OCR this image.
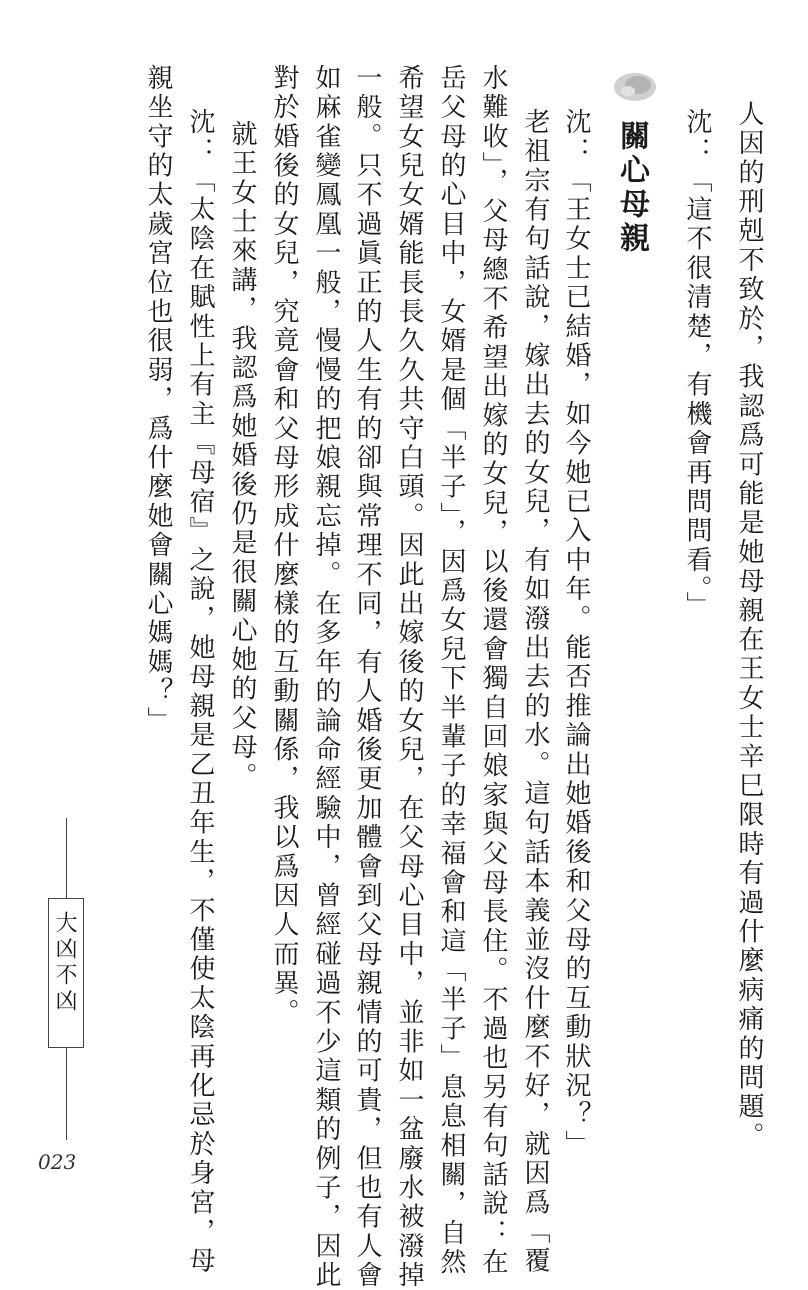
關心母親	人因的刑剋不致於，我認爲可能是她母親在王女士辛巳限時有過什麼病痛的問題。
沈：「這不很清楚，有機會再問問看。」
沈：「王女士已結婚，如今她已入中年。能否推論出她婚後和父母的互動狀況？」
老祖宗有句話說，嫁出去的女兒，有如潑出去的水。這句話本義並沒什麼不好，就因爲「覆
水難收」，父母總不希望出嫁的女兒，以後還會獨自回娘家與父母長住。不過也另有句話說：在
岳父母的心目中，女婿是個「半子」，因爲女兒下半輩子的幸福會和這「半子」息息相關，自然
希望女兒女婿能長長久久共守白頭。因此出嫁後的女兒，在父母心目中，並非如一盆廢水被潑掉
一般。只不過眞正的人生有的卻與常理不同，有人婚後更加體會到父母親情的可貴，但也有人會
如麻雀變鳳凰一般，慢慢的把娘親忘掉。在多年的論命經驗中，曾經碰過不少這類的例子，因此
對於婚後的女兒，究竟會和父母形成什麼樣的互動關係，我以爲因人而異。
就王女士來講，我認爲她婚後仍是很關心她的父母。
沈：「太陰在賦性上有主『母宿』之說，她母親是乙丑年生，不僅使太陰再化忌於身宮，母
親坐守的太歲宮位也很弱，爲什麼她會關心媽媽？」
大凶不凶
023
